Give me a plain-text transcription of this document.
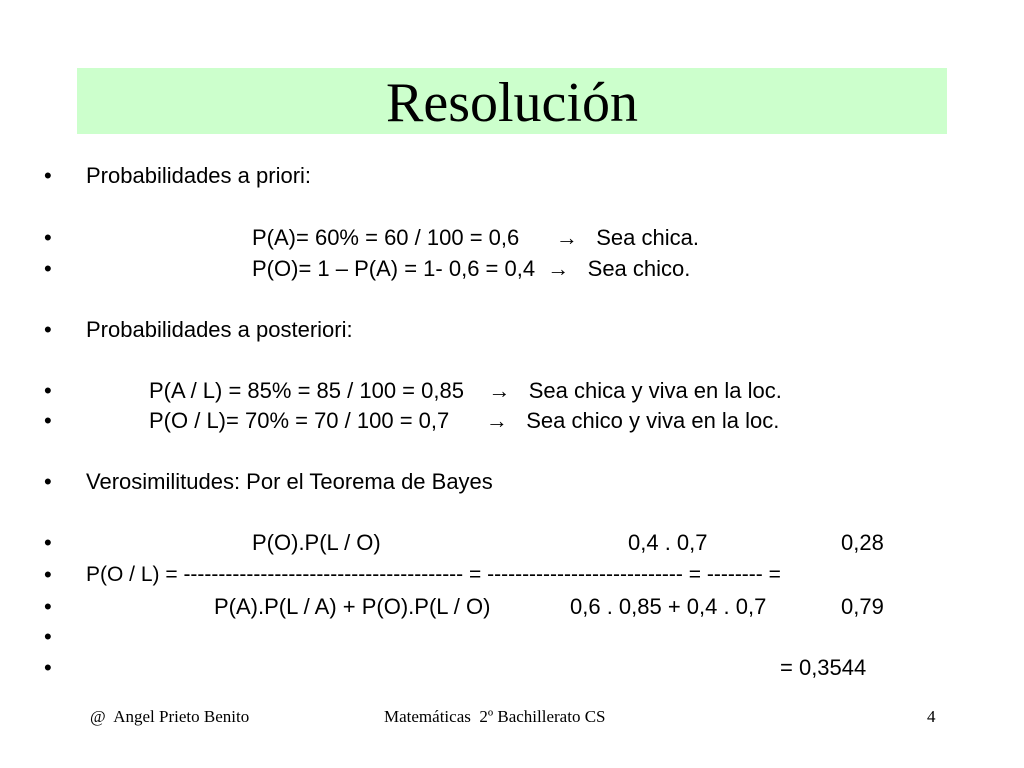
Resolución
•
•
•
•
•
•
•
•
•
•
•
•
Probabilidades a priori:
P(A)= 60% = 60 / 100 = 0,6      →   Sea chica.
P(O)= 1 – P(A) = 1- 0,6 = 0,4  →   Sea chico.
Probabilidades a posteriori:
P(A / L) = 85% = 85 / 100 = 0,85    →   Sea chica y viva en la loc.
P(O / L)= 70% = 70 / 100 = 0,7      →   Sea chico y viva en la loc.
Verosimilitudes: Por el Teorema de Bayes
P(O).P(L / O)	0,4 . 0,7	0,28
P(O / L) = ---------------------------------------- = ---------------------------- = -------- =
P(A).P(L / A) + P(O).P(L / O)	0,6 . 0,85 + 0,4 . 0,7	0,79
= 0,3544
@  Angel Prieto Benito	Matemáticas  2º Bachillerato CS	4
